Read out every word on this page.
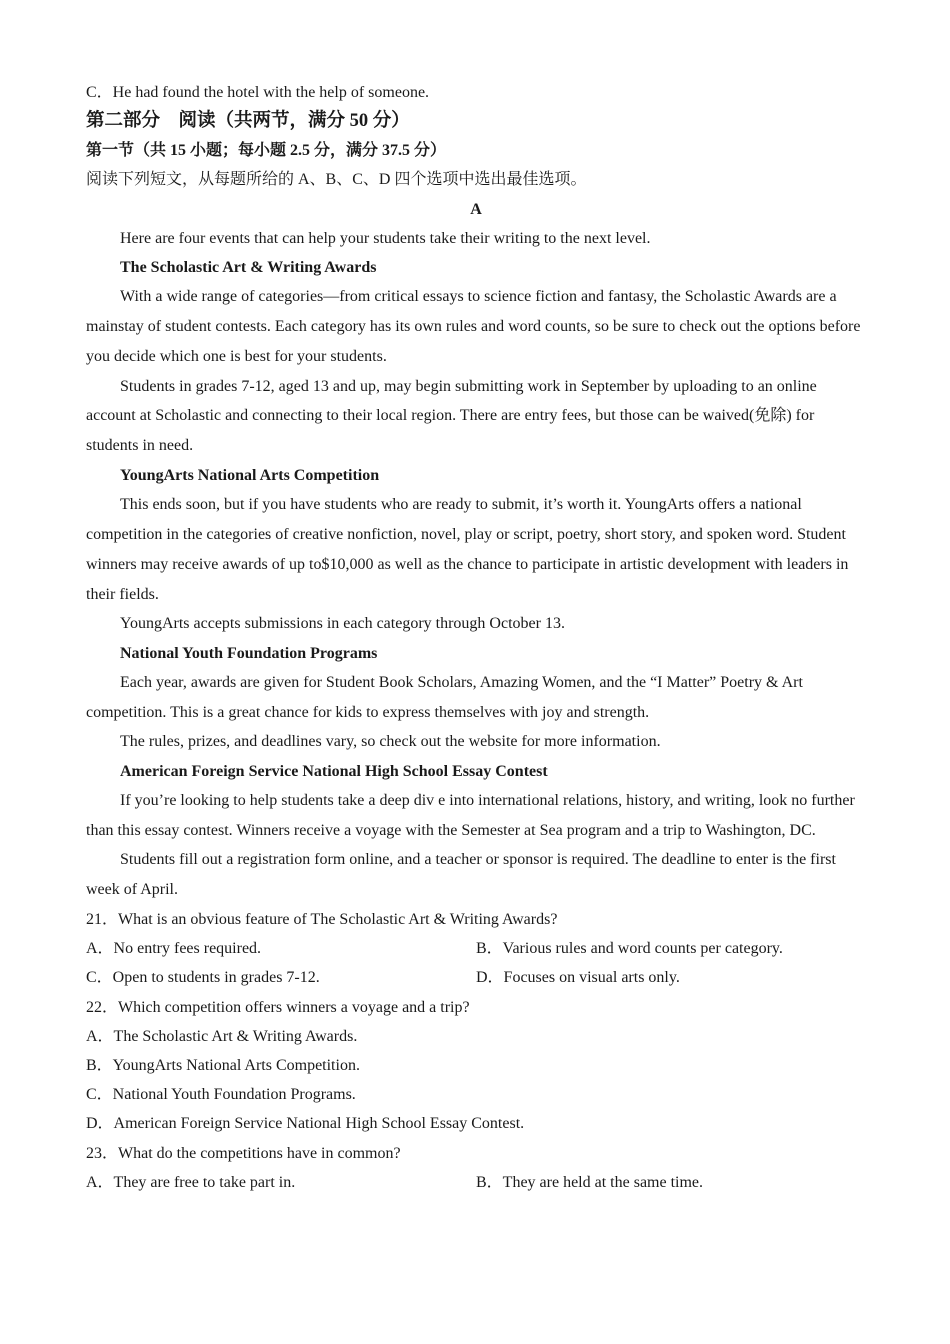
C．He had found the hotel with the help of someone.
第二部分　阅读（共两节，满分 50 分）
第一节（共 15 小题；每小题 2.5 分，满分 37.5 分）
阅读下列短文，从每题所给的 A、B、C、D 四个选项中选出最佳选项。
A
Here are four events that can help your students take their writing to the next level.
The Scholastic Art & Writing Awards
With a wide range of categories—from critical essays to science fiction and fantasy, the Scholastic Awards are a mainstay of student contests. Each category has its own rules and word counts, so be sure to check out the options before you decide which one is best for your students.
Students in grades 7-12, aged 13 and up, may begin submitting work in September by uploading to an online account at Scholastic and connecting to their local region. There are entry fees, but those can be waived(免除) for students in need.
YoungArts National Arts Competition
This ends soon, but if you have students who are ready to submit, it’s worth it. YoungArts offers a national competition in the categories of creative nonfiction, novel, play or script, poetry, short story, and spoken word. Student winners may receive awards of up to$10,000 as well as the chance to participate in artistic development with leaders in their fields.
YoungArts accepts submissions in each category through October 13.
National Youth Foundation Programs
Each year, awards are given for Student Book Scholars, Amazing Women, and the “I Matter” Poetry & Art competition. This is a great chance for kids to express themselves with joy and strength.
The rules, prizes, and deadlines vary, so check out the website for more information.
American Foreign Service National High School Essay Contest
If you’re looking to help students take a deep div e into international relations, history, and writing, look no further than this essay contest. Winners receive a voyage with the Semester at Sea program and a trip to Washington, DC.
Students fill out a registration form online, and a teacher or sponsor is required. The deadline to enter is the first week of April.
21．What is an obvious feature of The Scholastic Art & Writing Awards?
A．No entry fees required.	B．Various rules and word counts per category.
C．Open to students in grades 7-12.	D．Focuses on visual arts only.
22．Which competition offers winners a voyage and a trip?
A．The Scholastic Art & Writing Awards.
B．YoungArts National Arts Competition.
C．National Youth Foundation Programs.
D．American Foreign Service National High School Essay Contest.
23．What do the competitions have in common?
A．They are free to take part in.	B．They are held at the same time.
